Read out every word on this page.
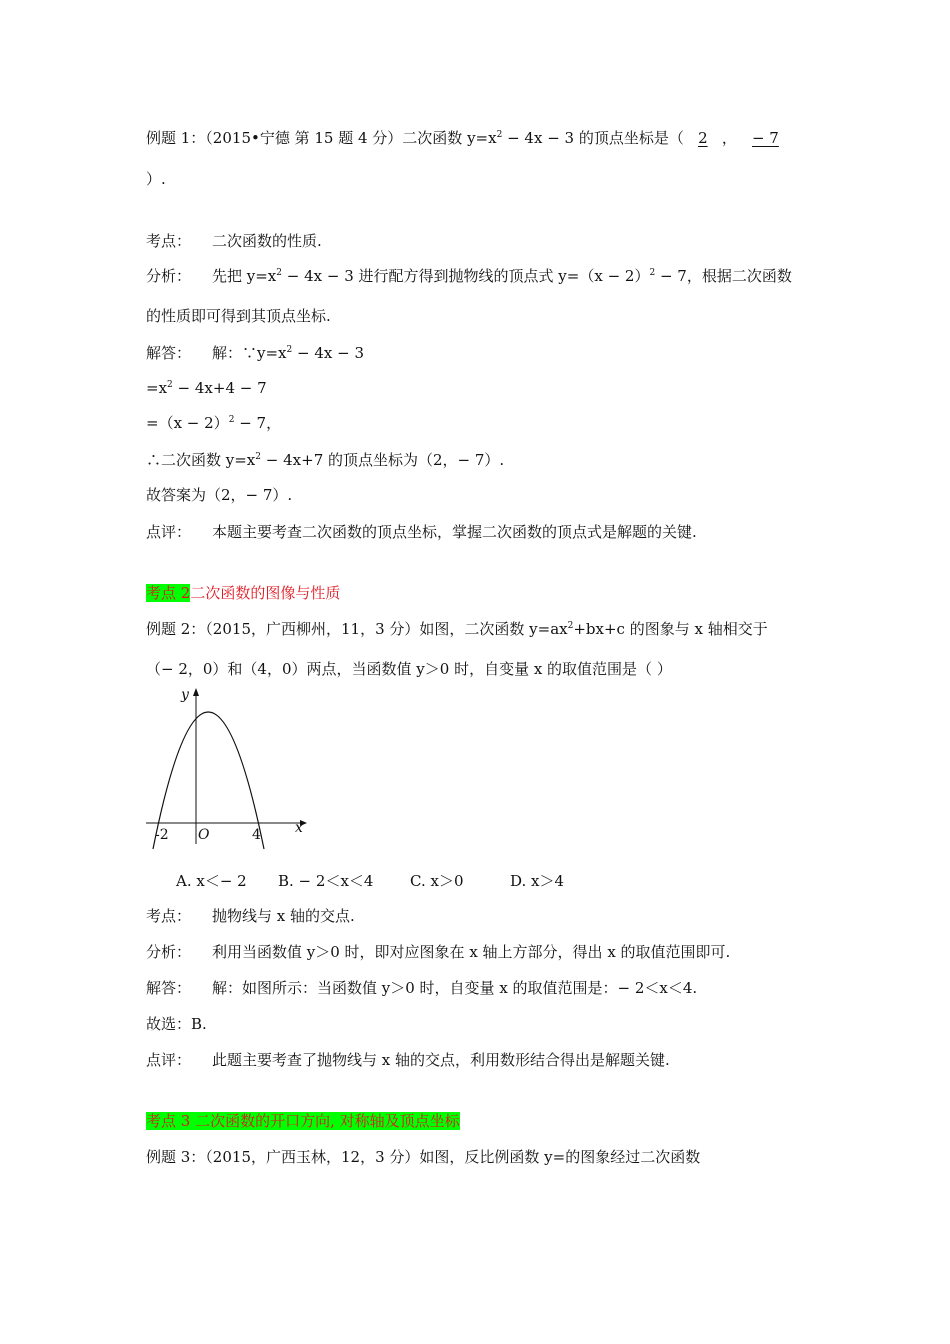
例题 1：（2015•宁德 第 15 题 4 分）二次函数 $y=x^2 - 4x - 3$ 的顶点坐标是（ 2 ， − 7
）.
考点： 二次函数的性质.
分析： 先把 $y=x^2 - 4x - 3$ 进行配方得到抛物线的顶点式 $y=(x - 2)^2 - 7$，根据二次函数
的性质即可得到其顶点坐标.
解答： 解：$\because y=x^2 - 4x - 3$
$=x^2 - 4x+4 - 7$
$=(x - 2)^2 - 7$，
∴二次函数 $y=x^2 - 4x+7$ 的顶点坐标为（2，− 7）.
故答案为（2，− 7）.
点评： 本题主要考查二次函数的顶点坐标，掌握二次函数的顶点式是解题的关键.
考点 2二次函数的图像与性质
例题 2：（2015，广西柳州，11，3 分）如图，二次函数 $y=ax^2+bx+c$ 的图象与 x 轴相交于
（− 2，0）和（4，0）两点，当函数值 y＞0 时，自变量 x 的取值范围是（ ）
y
x
O
-2	4
A. x＜− 2 B. − 2＜x＜4 C. x＞0	D. x＞4
考点： 抛物线与 x 轴的交点.
分析： 利用当函数值 y＞0 时，即对应图象在 x 轴上方部分，得出 x 的取值范围即可.
解答： 解：如图所示：当函数值 y＞0 时，自变量 x 的取值范围是：− 2＜x＜4.
故选：B.
点评： 此题主要考查了抛物线与 x 轴的交点，利用数形结合得出是解题关键.
考点 3 二次函数的开口方向, 对称轴及顶点坐标
例题 3：（2015，广西玉林，12，3 分）如图，反比例函数 y=的图象经过二次函数
